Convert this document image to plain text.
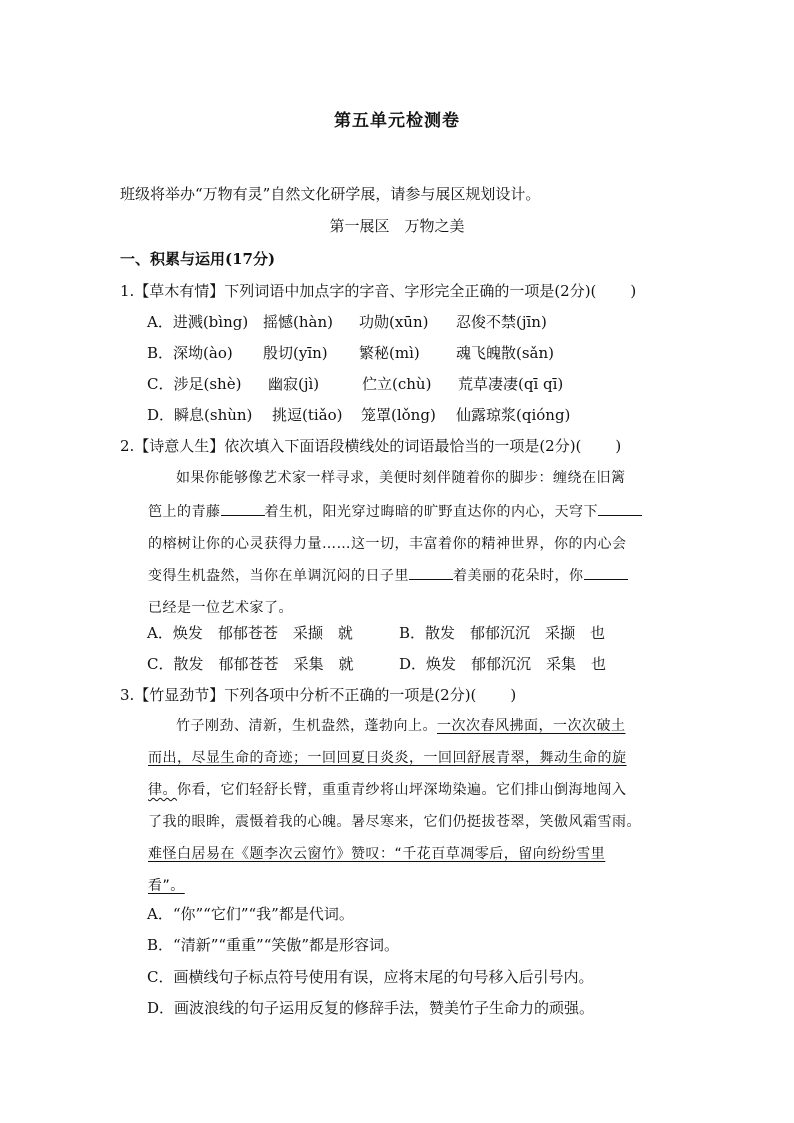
第五单元检测卷
班级将举办“万物有灵”自然文化研学展，请参与展区规划设计。
第一展区　万物之美
一、积累与运用(17分)
1.【草木有情】下列词语中加点字的字音、字形完全正确的一项是(2分)( )
A．进溅(bìng) 摇憾(hàn) 功勋(xūn) 忍俊不禁(jīn)
B．深坳(ào) 殷切(yīn) 繁秘(mì) 魂飞魄散(sǎn)
C．涉足(shè) 幽寂(jì)	伫立(chù) 荒草凄凄(qī qī)
D．瞬息(shùn) 挑逗(tiǎo) 笼罩(lǒng) 仙露琼浆(qióng)
2.【诗意人生】依次填入下面语段横线处的词语最恰当的一项是(2分)( )
如果你能够像艺术家一样寻求，美便时刻伴随着你的脚步：缠绕在旧篱
笆上的青藤	着生机，阳光穿过晦暗的旷野直达你的内心，天穹下
的榕树让你的心灵获得力量……这一切，丰富着你的精神世界，你的内心会
变得生机盎然，当你在单调沉闷的日子里	着美丽的花朵时，你
已经是一位艺术家了。
A．焕发　郁郁苍苍　采撷　就	B．散发　郁郁沉沉　采撷　也
C．散发　郁郁苍苍　采集　就	D．焕发　郁郁沉沉　采集　也
3.【竹显劲节】下列各项中分析不正确的一项是(2分)( )
竹子刚劲、清新，生机盎然，蓬勃向上。一次次春风拂面，一次次破土
而出，尽显生命的奇迹；一回回夏日炎炎，一回回舒展青翠，舞动生命的旋
律。你看，它们轻舒长臂，重重青纱将山坪深坳染遍。它们排山倒海地闯入
了我的眼眸，震慑着我的心魄。暑尽寒来，它们仍挺拔苍翠，笑傲风霜雪雨。
难怪白居易在《题李次云窗竹》赞叹：“千花百草凋零后，留向纷纷雪里
看”。
A．“你”“它们”“我”都是代词。
B．“清新”“重重”“笑傲”都是形容词。
C．画横线句子标点符号使用有误，应将末尾的句号移入后引号内。
D．画波浪线的句子运用反复的修辞手法，赞美竹子生命力的顽强。
